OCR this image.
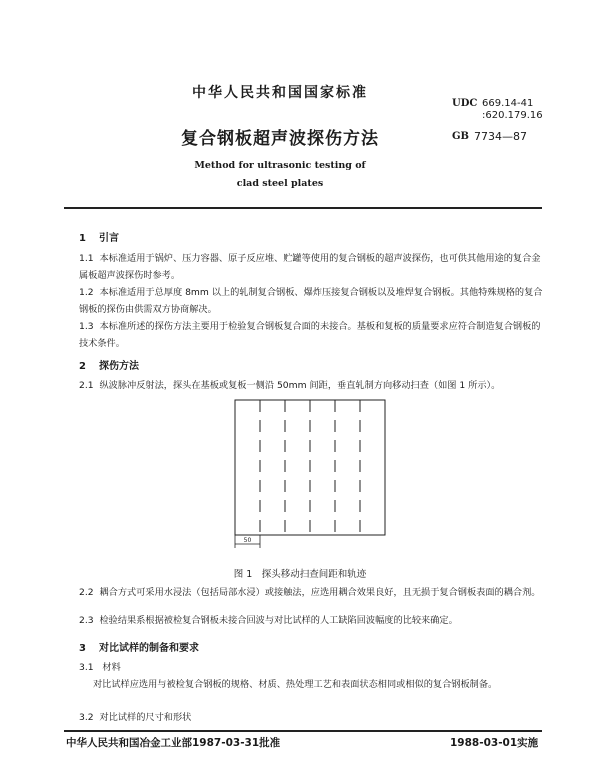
中华人民共和国国家标准
UDC 669.14-41
:620.179.16
复合钢板超声波探伤方法	GB 7734—87
Method for ultrasonic testing of
clad steel plates
1 引言
1.1 本标准适用于锅炉、压力容器、原子反应堆、贮罐等使用的复合钢板的超声波探伤，也可供其他用途的复合金属板超声波探伤时参考。
1.2 本标准适用于总厚度 8mm 以上的轧制复合钢板、爆炸压接复合钢板以及堆焊复合钢板。其他特殊规格的复合钢板的探伤由供需双方协商解决。
1.3 本标准所述的探伤方法主要用于检验复合钢板复合面的未接合。基板和复板的质量要求应符合制造复合钢板的技术条件。
2 探伤方法
2.1 纵波脉冲反射法，探头在基板或复板一侧沿 50mm 间距，垂直轧制方向移动扫查（如图 1 所示）。
50
图 1　探头移动扫查间距和轨迹
2.2 耦合方式可采用水浸法（包括局部水浸）或接触法，应选用耦合效果良好，且无损于复合钢板表面的耦合剂。
2.3 检验结果系根据被检复合钢板未接合回波与对比试样的人工缺陷回波幅度的比较来确定。
3 对比试样的制备和要求
3.1 材料
对比试样应选用与被检复合钢板的规格、材质、热处理工艺和表面状态相同或相似的复合钢板制备。
3.2 对比试样的尺寸和形状
中华人民共和国冶金工业部1987-03-31批准	1988-03-01实施
